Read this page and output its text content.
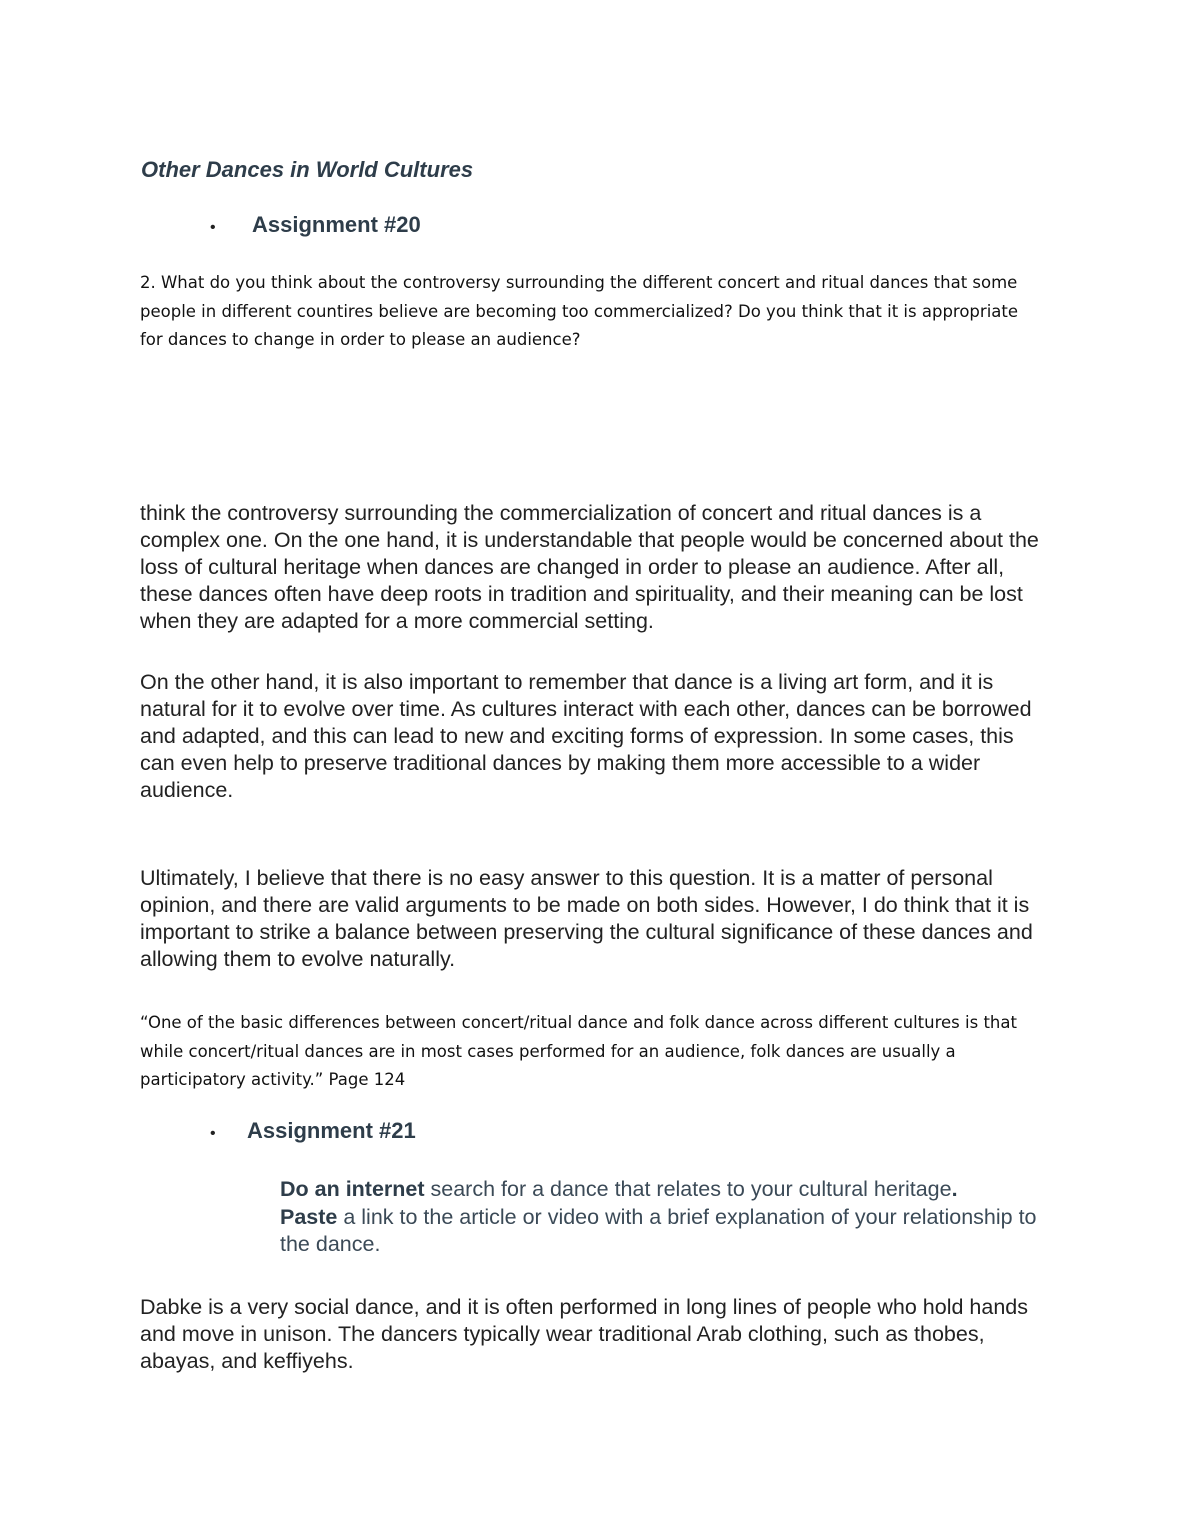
Other Dances in World Cultures
•	Assignment #20
2. What do you think about the controversy surrounding the different concert and ritual dances that some people in different countires believe are becoming too commercialized? Do you think that it is appropriate for dances to change in order to please an audience?

think the controversy surrounding the commercialization of concert and ritual dances is a complex one. On the one hand, it is understandable that people would be concerned about the loss of cultural heritage when dances are changed in order to please an audience. After all, these dances often have deep roots in tradition and spirituality, and their meaning can be lost when they are adapted for a more commercial setting.

On the other hand, it is also important to remember that dance is a living art form, and it is natural for it to evolve over time. As cultures interact with each other, dances can be borrowed and adapted, and this can lead to new and exciting forms of expression. In some cases, this can even help to preserve traditional dances by making them more accessible to a wider audience.

Ultimately, I believe that there is no easy answer to this question. It is a matter of personal opinion, and there are valid arguments to be made on both sides. However, I do think that it is important to strike a balance between preserving the cultural significance of these dances and allowing them to evolve naturally.

“One of the basic differences between concert/ritual dance and folk dance across different cultures is that while concert/ritual dances are in most cases performed for an audience, folk dances are usually a participatory activity.” Page 124
•	Assignment #21
Do an internet search for a dance that relates to your cultural heritage.
Paste a link to the article or video with a brief explanation of your relationship to the dance.

Dabke is a very social dance, and it is often performed in long lines of people who hold hands and move in unison. The dancers typically wear traditional Arab clothing, such as thobes, abayas, and keffiyehs.
